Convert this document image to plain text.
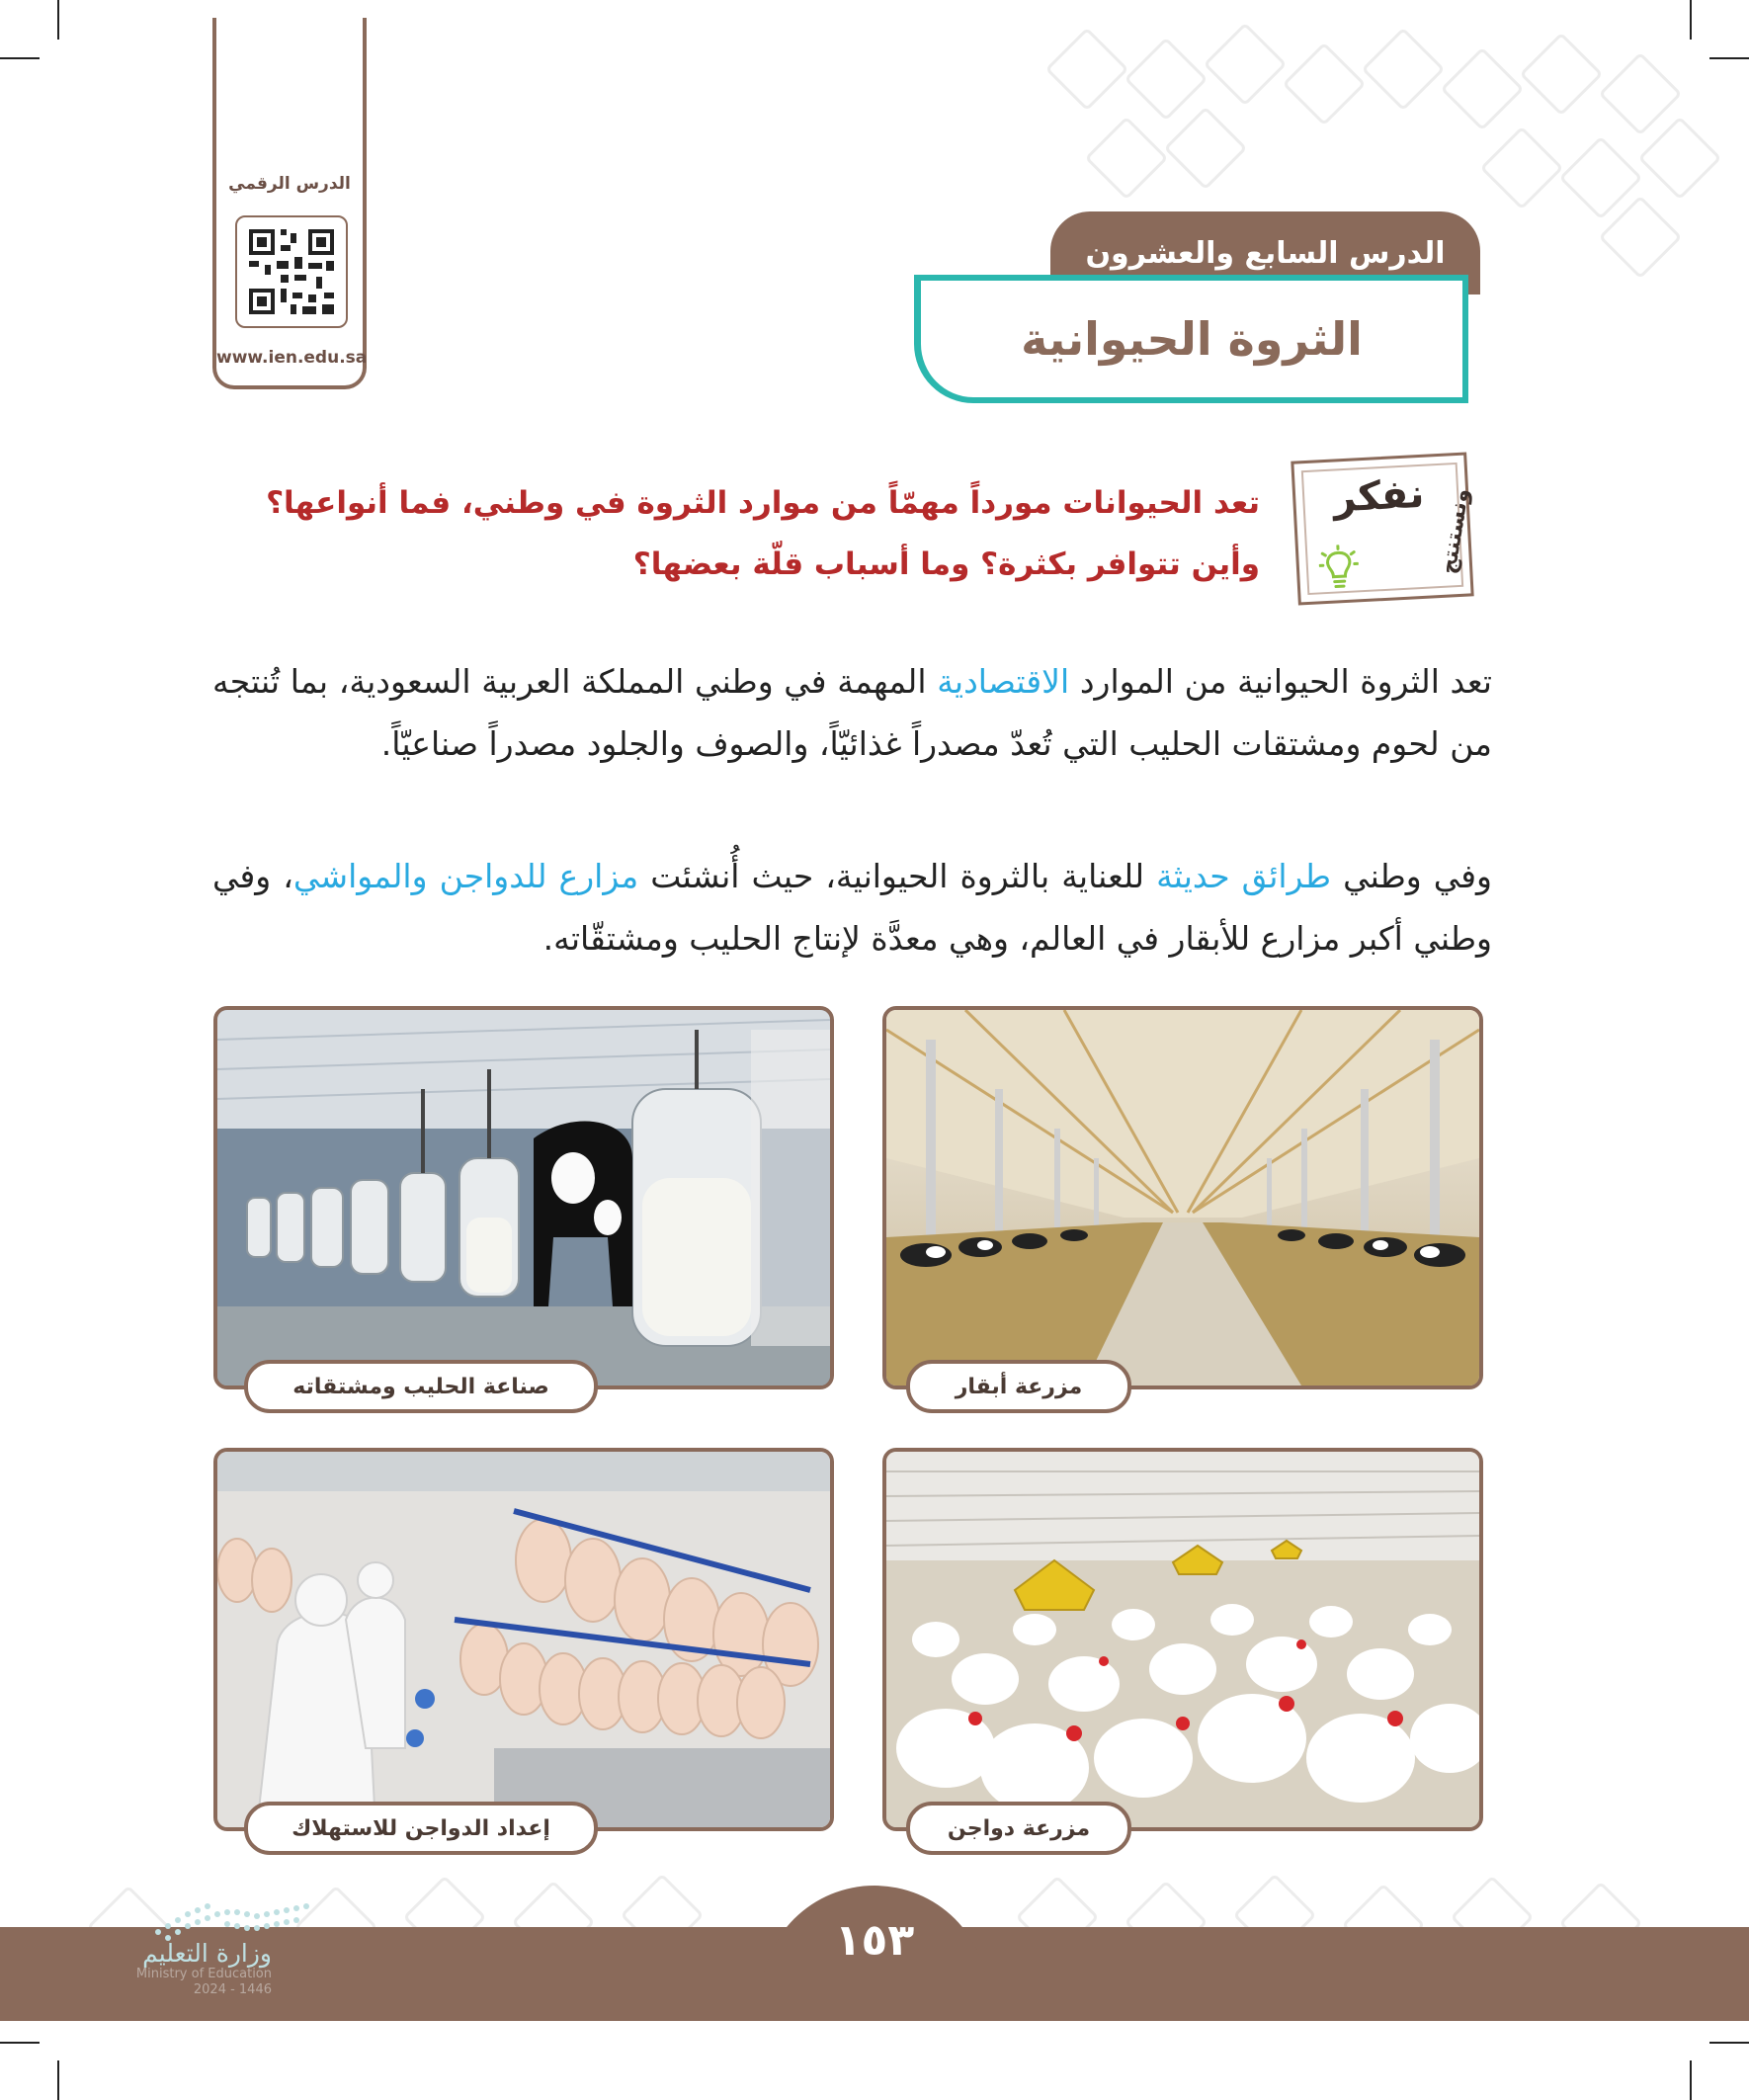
الدرس الرقمي
www.ien.edu.sa
الدرس السابع والعشرون
الثروة الحيوانية
نفكر ونستنتج
تعد الحيوانات مورداً مهمّاً من موارد الثروة في وطني، فما أنواعها؟ وأين تتوافر بكثرة؟ وما أسباب قلّة بعضها؟
تعد الثروة الحيوانية من الموارد الاقتصادية المهمة في وطني المملكة العربية السعودية، بما تُنتجه من لحوم ومشتقات الحليب التي تُعدّ مصدراً غذائيّاً، والصوف والجلود مصدراً صناعيّاً.
وفي وطني طرائق حديثة للعناية بالثروة الحيوانية، حيث أُنشئت مزارع للدواجن والمواشي، وفي وطني أكبر مزارع للأبقار في العالم، وهي معدَّة لإنتاج الحليب ومشتقّاته.
مزرعة أبقار
صناعة الحليب ومشتقاته
مزرعة دواجن
إعداد الدواجن للاستهلاك
١٥٣
وزارة التعليم
Ministry of Education
2024 - 1446
